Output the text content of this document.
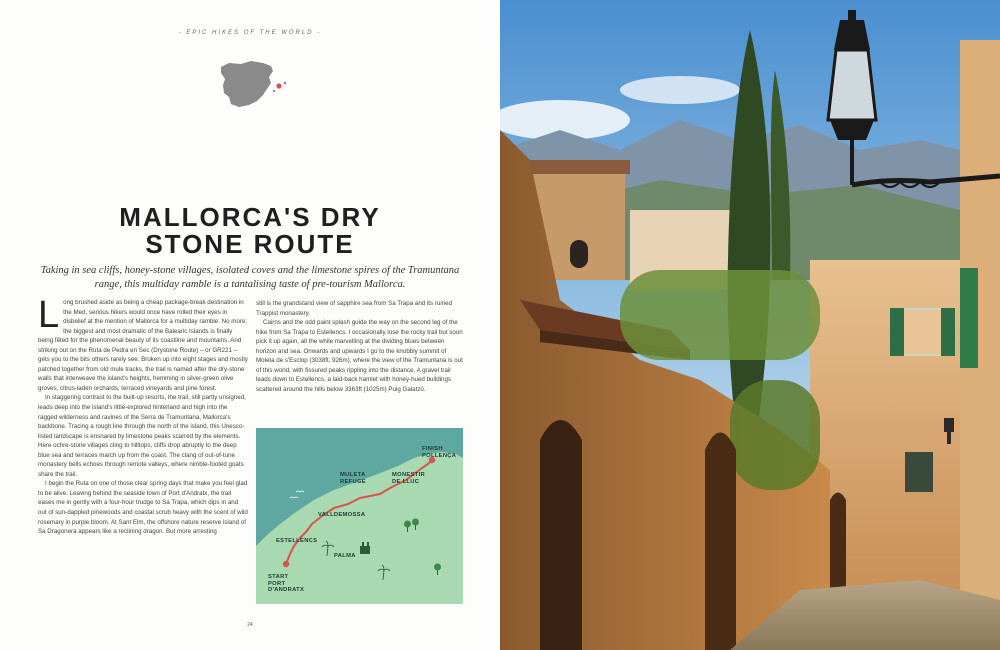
- EPIC HIKES OF THE WORLD -
MALLORCA'S DRY
STONE ROUTE
Taking in sea cliffs, honey-stone villages, isolated coves and the limestone spires of the Tramuntana range, this multiday ramble is a tantalising taste of pre-tourism Mallorca.

Long brushed aside as being a cheap package-break destination in the Med, serious hikers would once have rolled their eyes in disbelief at the mention of Mallorca for a multiday ramble. No more: the biggest and most dramatic of the Balearic Islands is finally being fêted for the phenomenal beauty of its coastline and mountains. And striking out on the Ruta de Pedra en Sec (Drystone Route) – or GR221 – gets you to the bits others rarely see. Broken up into eight stages and mostly patched together from old mule tracks, the trail is named after the dry-stone walls that interweave the island's heights, hemming in silver-green olive groves, citrus-laden orchards, terraced vineyards and pine forest.

In staggering contrast to the built-up resorts, the trail, still partly unsigned, leads deep into the island's little-explored hinterland and high into the ragged wilderness and ravines of the Serra de Tramuntana, Mallorca's backbone. Tracing a rough line through the north of the island, this Unesco-listed landscape is ensnared by limestone peaks scarred by the elements. Here ochre-stone villages cling to hilltops, cliffs drop abruptly to the deep blue sea and terraces march up from the coast. The clang of out-of-tune monastery bells echoes through remote valleys, where nimble-footed goats share the trail.

I begin the Ruta on one of those clear spring days that make you feel glad to be alive. Leaving behind the seaside town of Port d'Andratx, the trail eases me in gently with a four-hour trudge to Sa Trapa, which dips in and out of sun-dappled pinewoods and coastal scrub heavy with the scent of wild rosemary in purple bloom. At Sant Elm, the offshore nature reserve island of Sa Dragonera appears like a reclining dragon. But more arresting

still is the grandstand view of sapphire sea from Sa Trapa and its ruined Trappist monastery.

Cairns and the odd paint splash guide the way on the second leg of the hike from Sa Trapa to Estellencs. I occasionally lose the rocky trail but soon pick it up again, all the while marvelling at the dividing blues between horizon and sea. Onwards and upwards I go to the knobbly summit of Moleta de s'Esclop (3038ft, 926m), where the view of the Tramuntana is out of this world, with fissured peaks rippling into the distance. A gravel trail leads down to Estellencs, a laid-back hamlet with honey-hued buildings scattered around the hills below 3363ft (1025m) Puig Galatzó.

FINISH
POLLENÇA
MULETA
REFUGE
MONESTIR
DE LLUC
VALLDEMOSSA
ESTELLENCS
PALMA
START
PORT
D'ANDRATX
24
